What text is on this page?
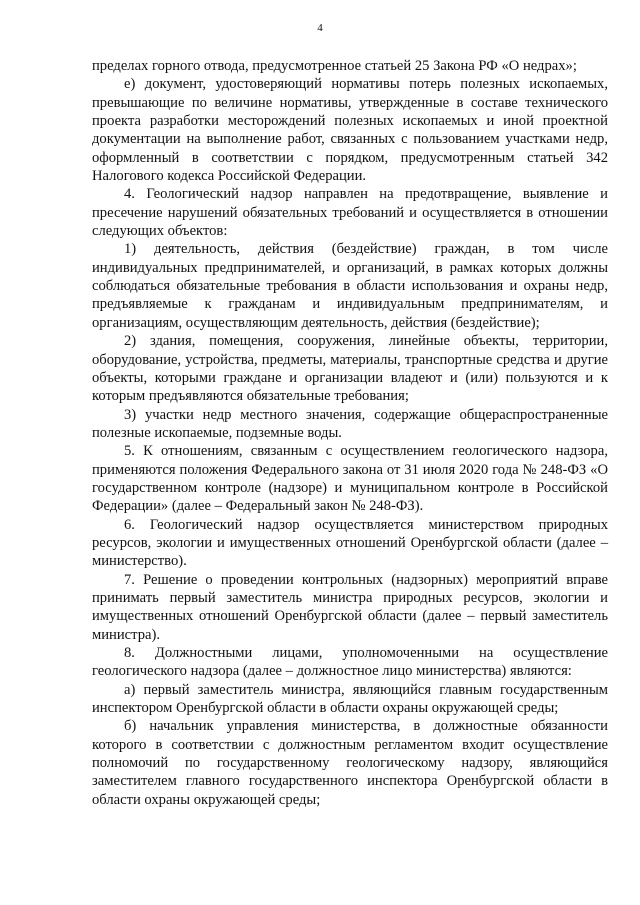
4

пределах горного отвода, предусмотренное статьей 25 Закона РФ «О недрах»;

е) документ, удостоверяющий нормативы потерь полезных ископаемых, превышающие по величине нормативы, утвержденные в составе технического проекта разработки месторождений полезных ископаемых и иной проектной документации на выполнение работ, связанных с пользованием участками недр, оформленный в соответствии с порядком, предусмотренным статьей 342 Налогового кодекса Российской Федерации.

4. Геологический надзор направлен на предотвращение, выявление и пресечение нарушений обязательных требований и осуществляется в отношении следующих объектов:

1) деятельность, действия (бездействие) граждан, в том числе индивидуальных предпринимателей, и организаций, в рамках которых должны соблюдаться обязательные требования в области использования и охраны недр, предъявляемые к гражданам и индивидуальным предпринимателям, и организациям, осуществляющим деятельность, действия (бездействие);

2) здания, помещения, сооружения, линейные объекты, территории, оборудование, устройства, предметы, материалы, транспортные средства и другие объекты, которыми граждане и организации владеют и (или) пользуются и к которым предъявляются обязательные требования;

3) участки недр местного значения, содержащие общераспространенные полезные ископаемые, подземные воды.

5. К отношениям, связанным с осуществлением геологического надзора, применяются положения Федерального закона от 31 июля 2020 года № 248-ФЗ «О государственном контроле (надзоре) и муниципальном контроле в Российской Федерации» (далее – Федеральный закон № 248-ФЗ).

6. Геологический надзор осуществляется министерством природных ресурсов, экологии и имущественных отношений Оренбургской области (далее – министерство).

7. Решение о проведении контрольных (надзорных) мероприятий вправе принимать первый заместитель министра природных ресурсов, экологии и имущественных отношений Оренбургской области (далее – первый заместитель министра).

8. Должностными лицами, уполномоченными на осуществление геологического надзора (далее – должностное лицо министерства) являются:

а) первый заместитель министра, являющийся главным государственным инспектором Оренбургской области в области охраны окружающей среды;

б) начальник управления министерства, в должностные обязанности которого в соответствии с должностным регламентом входит осуществление полномочий по государственному геологическому надзору, являющийся заместителем главного государственного инспектора Оренбургской области в области охраны окружающей среды;
